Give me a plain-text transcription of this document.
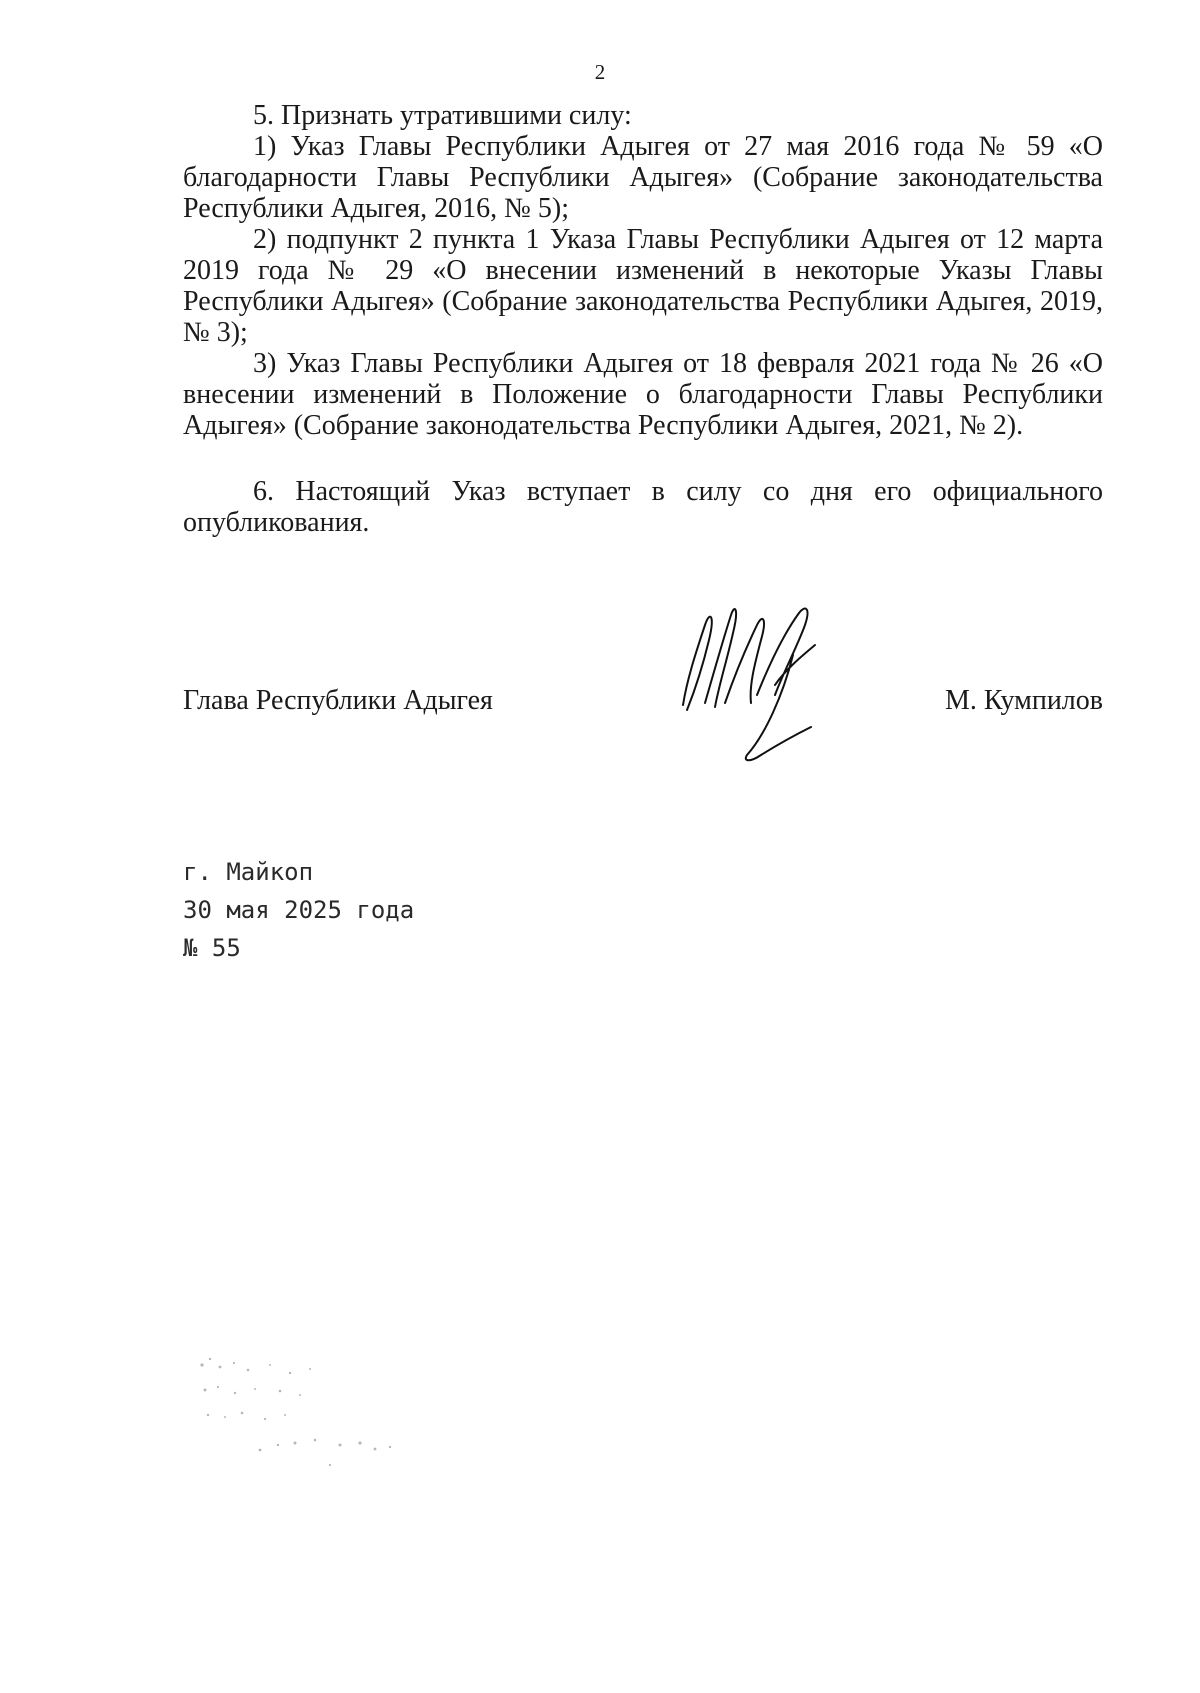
2

5. Признать утратившими силу:

1) Указ Главы Республики Адыгея от 27 мая 2016 года № 59 «О благодарности Главы Республики Адыгея» (Собрание законодательства Республики Адыгея, 2016, № 5);

2) подпункт 2 пункта 1 Указа Главы Республики Адыгея от 12 марта 2019 года № 29 «О внесении изменений в некоторые Указы Главы Республики Адыгея» (Собрание законодательства Республики Адыгея, 2019, № 3);

3) Указ Главы Республики Адыгея от 18 февраля 2021 года № 26 «О внесении изменений в Положение о благодарности Главы Республики Адыгея» (Собрание законодательства Республики Адыгея, 2021, № 2).

6. Настоящий Указ вступает в силу со дня его официального опубликования.

Глава Республики Адыгея	М. Кумпилов
г. Майкоп
30 мая 2025 года
№ 55
